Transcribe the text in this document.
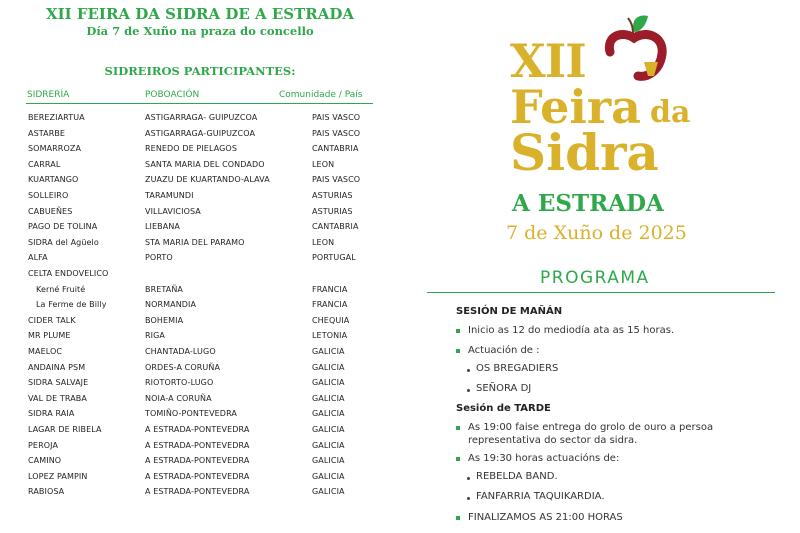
XII FEIRA DA SIDRA DE A ESTRADA
Día 7 de Xuño na praza do concello
SIDREIROS PARTICIPANTES:
SIDRERÍA	POBOACIÓN	Comunidade / País
BEREZIARTUA	ASTIGARRAGA- GUIPUZCOA	PAIS VASCO
ASTARBE	ASTIGARRAGA-GUIPUZCOA	PAIS VASCO
SOMARROZA	RENEDO DE PIELAGOS	CANTABRIA
CARRAL	SANTA MARIA DEL CONDADO	LEON
KUARTANGO	ZUAZU DE KUARTANDO-ALAVA	PAIS VASCO
SOLLEIRO	TARAMUNDI	ASTURIAS
CABUEÑES	VILLAVICIOSA	ASTURIAS
PAGO DE TOLINA	LIEBANA	CANTABRIA
SIDRA del Agüelo	STA MARIA DEL PARAMO	LEON
ALFA	PORTO	PORTUGAL
CELTA ENDOVELICO
Kerné Fruité	BRETAÑA	FRANCIA
La Ferme de Billy	NORMANDIA	FRANCIA
CIDER TALK	BOHEMIA	CHEQUIA
MR PLUME	RIGA	LETONIA
MAELOC	CHANTADA-LUGO	GALICIA
ANDAINA PSM	ORDES-A CORUÑA	GALICIA
SIDRA SALVAJE	RIOTORTO-LUGO	GALICIA
VAL DE TRABA	NOIA-A CORUÑA	GALICIA
SIDRA RAIA	TOMIÑO-PONTEVEDRA	GALICIA
LAGAR DE RIBELA	A ESTRADA-PONTEVEDRA	GALICIA
PEROJA	A ESTRADA-PONTEVEDRA	GALICIA
CAMINO	A ESTRADA-PONTEVEDRA	GALICIA
LOPEZ PAMPIN	A ESTRADA-PONTEVEDRA	GALICIA
RABIOSA	A ESTRADA-PONTEVEDRA	GALICIA
XII
Feira da
Sidra
A ESTRADA
7 de Xuño de 2025
PROGRAMA
SESIÓN DE MAÑÁN
Inicio as 12 do mediodía ata as 15 horas.
Actuación de :
OS BREGADIERS
SEÑORA DJ
Sesión de TARDE
As 19:00 faise entrega do grolo de ouro a persoa
representativa do sector da sidra.
As 19:30 horas actuacións de:
REBELDA BAND.
FANFARRIA TAQUIKARDIA.
FINALIZAMOS AS 21:00 HORAS
